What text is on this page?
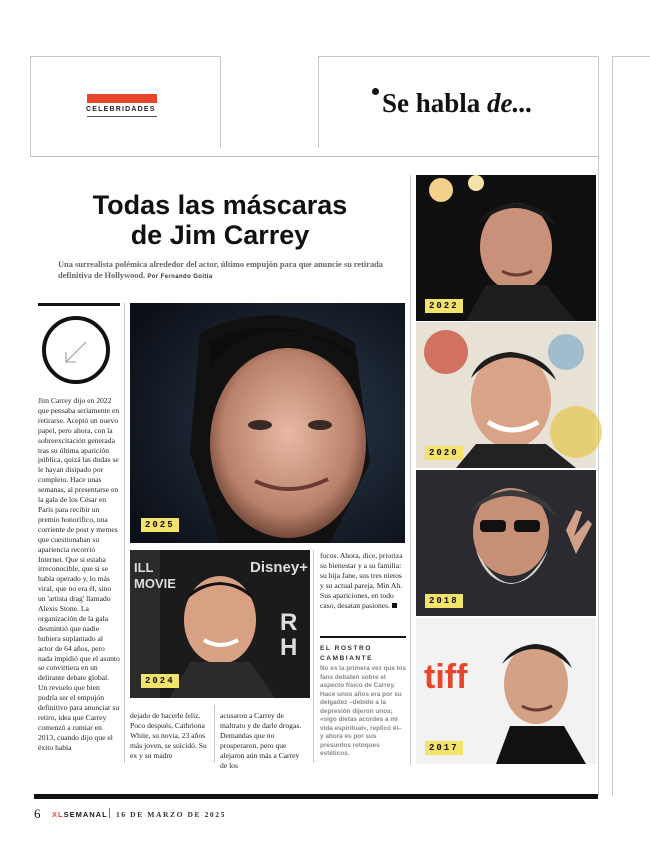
CELEBRIDADES	Se habla de...
Todas las máscaras
de Jim Carrey
Una surrealista polémica alrededor del actor, último empujón para que anuncie su retirada definitiva de Hollywood. Por Fernando Goitia
Jim Carrey dijo en 2022 que pensaba seriamente en retirarse. Aceptó un nuevo papel, pero ahora, con la sobreexcitación generada tras su última aparición pública, quizá las dudas se le hayan disipado por completo. Hace unas semanas, al presentarse en la gala de los César en París para recibir un premio honorífico, una corriente de post y memes que cuestionaban su apariencia recorrió Internet. Que si estaba irreconocible, que si se había operado y, lo más viral, que no era él, sino un 'artista drag' llamado Alexis Stone. La organización de la gala desmintió que nadie hubiera suplantado al actor de 64 años, pero nada impidió que el asunto se convirtiera en un delirante debate global. Un revuelo que bien podría ser el empujón definitivo para anunciar su retiro, idea que Carrey comenzó a rumiar en 2013, cuando dijo que el éxito había
2025
ILL
MOVIE
Disney+
R
H
2024
dejado de hacerle feliz. Poco después, Cathriona White, su novia, 23 años más joven, se suicidó. Su ex y su madre
acusaron a Carrey de maltrato y de darle drogas. Demandas que no prosperaron, pero que alejaron aún más a Carrey de los
focos. Ahora, dice, prioriza su bienestar y a su familia: su hija Jane, sus tres nietos y su actual pareja, Min Ah. Sus apariciones, en todo caso, desatan pasiones.
EL ROSTRO
CAMBIANTE
No es la primera vez que los fans debaten sobre el aspecto físico de Carrey. Hace unos años era por su delgadez –debido a la depresión dijeron unos; «sigo dietas acordes a mi vida espiritual», replicó él– y ahora es por sus presuntos retoques estéticos.
2022
2020
2018
tiff
2017
6 XLSEMANAL 16 DE MARZO DE 2025
